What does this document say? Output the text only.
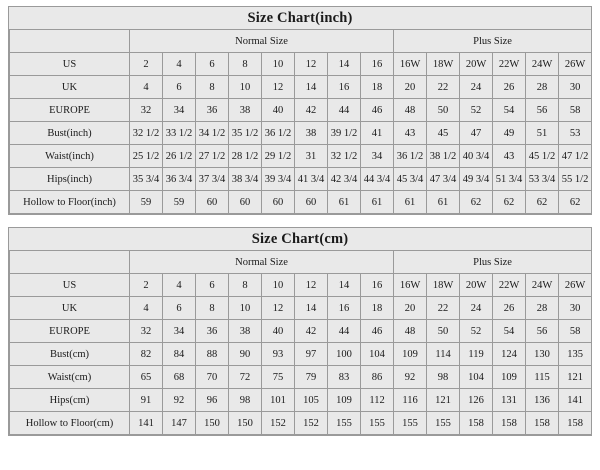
Size Chart(inch)
	Normal Size								Plus Size					
US	2	4	6	8	10	12	14	16	16W	18W	20W	22W	24W	26W
UK	4	6	8	10	12	14	16	18	20	22	24	26	28	30
EUROPE	32	34	36	38	40	42	44	46	48	50	52	54	56	58
Bust(inch)	32 1/2	33 1/2	34 1/2	35 1/2	36 1/2	38	39 1/2	41	43	45	47	49	51	53
Waist(inch)	25 1/2	26 1/2	27 1/2	28 1/2	29 1/2	31	32 1/2	34	36 1/2	38 1/2	40 3/4	43	45 1/2	47 1/2
Hips(inch)	35 3/4	36 3/4	37 3/4	38 3/4	39 3/4	41 3/4	42 3/4	44 3/4	45 3/4	47 3/4	49 3/4	51 3/4	53 3/4	55 1/2
Hollow to Floor(inch)	59	59	60	60	60	60	61	61	61	61	62	62	62	62
Size Chart(cm)
	Normal Size								Plus Size					
US	2	4	6	8	10	12	14	16	16W	18W	20W	22W	24W	26W
UK	4	6	8	10	12	14	16	18	20	22	24	26	28	30
EUROPE	32	34	36	38	40	42	44	46	48	50	52	54	56	58
Bust(cm)	82	84	88	90	93	97	100	104	109	114	119	124	130	135
Waist(cm)	65	68	70	72	75	79	83	86	92	98	104	109	115	121
Hips(cm)	91	92	96	98	101	105	109	112	116	121	126	131	136	141
Hollow to Floor(cm)	141	147	150	150	152	152	155	155	155	155	158	158	158	158
